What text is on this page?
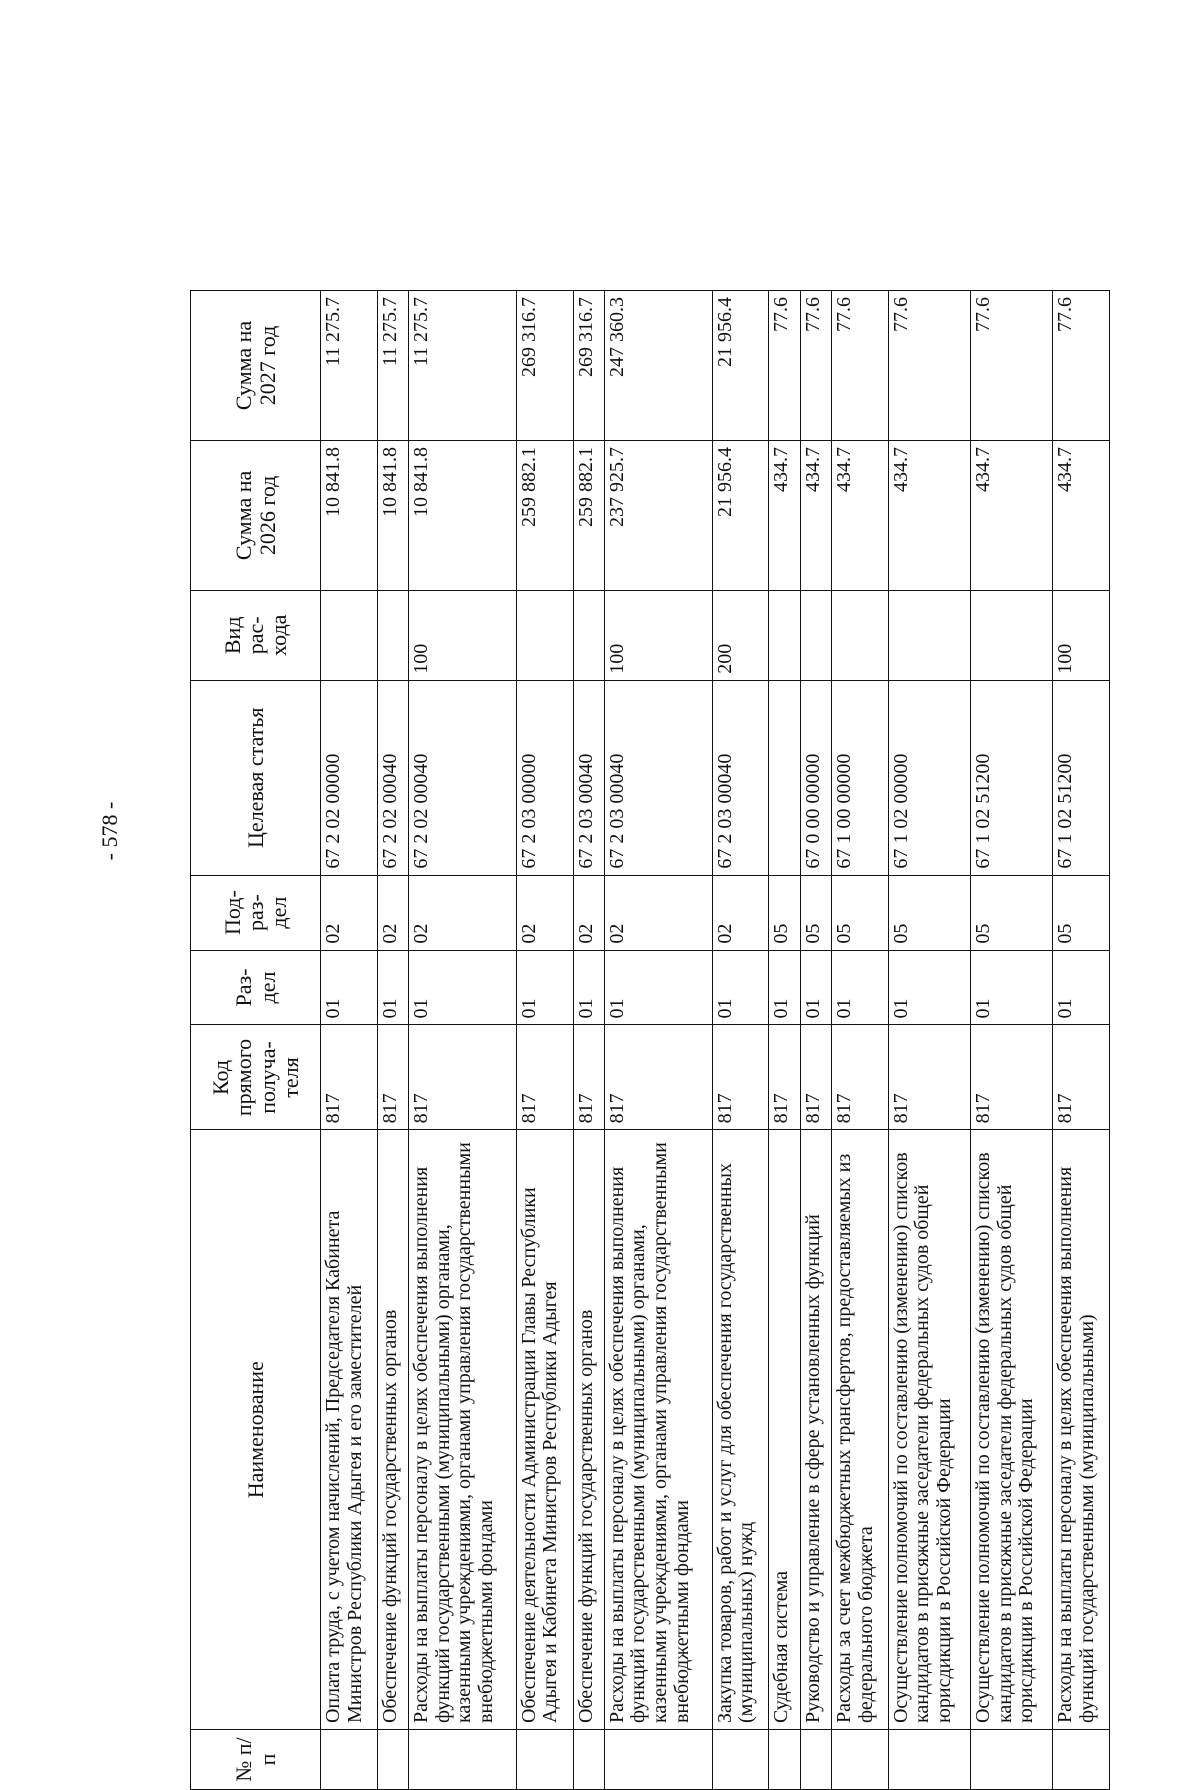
- 578 -
№ п/п	Наименование	Код прямого получа-теля	Раз-дел	Под-раз-дел	Целевая статья	Вид рас-хода	Сумма на 2026 год	Сумма на 2027 год
	Оплата труда, с учетом начислений, Председателя Кабинета Министров Республики Адыгея и его заместителей	817	01	02	67 2 02 00000		10 841.8	11 275.7
	Обеспечение функций государственных органов	817	01	02	67 2 02 00040		10 841.8	11 275.7
	Расходы на выплаты персоналу в целях обеспечения выполнения функций государственными (муниципальными) органами, казенными учреждениями, органами управления государственными внебюджетными фондами	817	01	02	67 2 02 00040	100	10 841.8	11 275.7
	Обеспечение деятельности Администрации Главы Республики Адыгея и Кабинета Министров Республики Адыгея	817	01	02	67 2 03 00000		259 882.1	269 316.7
	Обеспечение функций государственных органов	817	01	02	67 2 03 00040		259 882.1	269 316.7
	Расходы на выплаты персоналу в целях обеспечения выполнения функций государственными (муниципальными) органами, казенными учреждениями, органами управления государственными внебюджетными фондами	817	01	02	67 2 03 00040	100	237 925.7	247 360.3
	Закупка товаров, работ и услуг для обеспечения государственных (муниципальных) нужд	817	01	02	67 2 03 00040	200	21 956.4	21 956.4
	Судебная система	817	01	05			434.7	77.6
	Руководство и управление в сфере установленных функций	817	01	05	67 0 00 00000		434.7	77.6
	Расходы за счет межбюджетных трансфертов, предоставляемых из федерального бюджета	817	01	05	67 1 00 00000		434.7	77.6
	Осуществление полномочий по составлению (изменению) списков кандидатов в присяжные заседатели федеральных судов общей юрисдикции в Российской Федерации	817	01	05	67 1 02 00000		434.7	77.6
	Осуществление полномочий по составлению (изменению) списков кандидатов в присяжные заседатели федеральных судов общей юрисдикции в Российской Федерации	817	01	05	67 1 02 51200		434.7	77.6
	Расходы на выплаты персоналу в целях обеспечения выполнения функций государственными (муниципальными)	817	01	05	67 1 02 51200	100	434.7	77.6
